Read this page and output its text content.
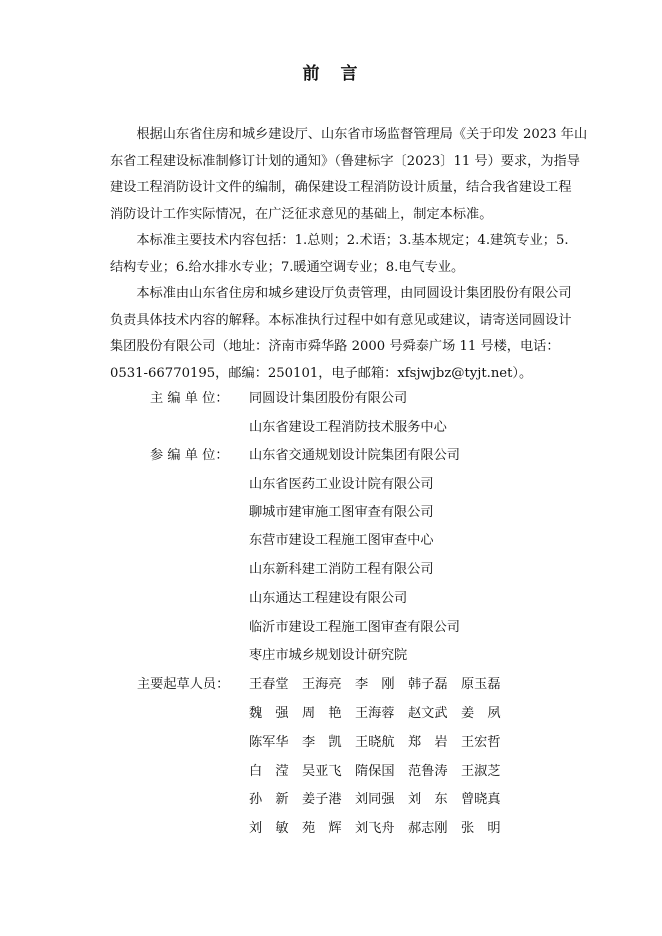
前　言
　　根据山东省住房和城乡建设厅、山东省市场监督管理局《关于印发 2023 年山
东省工程建设标准制修订计划的通知》（鲁建标字〔2023〕11 号）要求，为指导
建设工程消防设计文件的编制，确保建设工程消防设计质量，结合我省建设工程
消防设计工作实际情况，在广泛征求意见的基础上，制定本标准。
　　本标准主要技术内容包括：1.总则；2.术语；3.基本规定；4.建筑专业；5.
结构专业；6.给水排水专业；7.暖通空调专业；8.电气专业。
　　本标准由山东省住房和城乡建设厅负责管理，由同圆设计集团股份有限公司
负责具体技术内容的解释。本标准执行过程中如有意见或建议，请寄送同圆设计
集团股份有限公司（地址：济南市舜华路 2000 号舜泰广场 11 号楼，电话：
0531-66770195，邮编：250101，电子邮箱：xfsjwjbz@tyjt.net）。
主 编 单 位： 同圆设计集团股份有限公司
山东省建设工程消防技术服务中心
参 编 单 位： 山东省交通规划设计院集团有限公司
山东省医药工业设计院有限公司
聊城市建审施工图审查有限公司
东营市建设工程施工图审查中心
山东新科建工消防工程有限公司
山东通达工程建设有限公司
临沂市建设工程施工图审查有限公司
枣庄市城乡规划设计研究院
主要起草人员： 王春堂 王海亮 李　刚 韩子磊 原玉磊
魏　强 周　艳 王海蓉 赵文武 姜　夙
陈军华 李　凯 王晓航 郑　岩 王宏哲
白　滢 吴亚飞 隋保国 范鲁涛 王淑芝
孙　新 姜子港 刘同强 刘　东 曾晓真
刘　敏 苑　辉 刘飞舟 郝志刚 张　明
